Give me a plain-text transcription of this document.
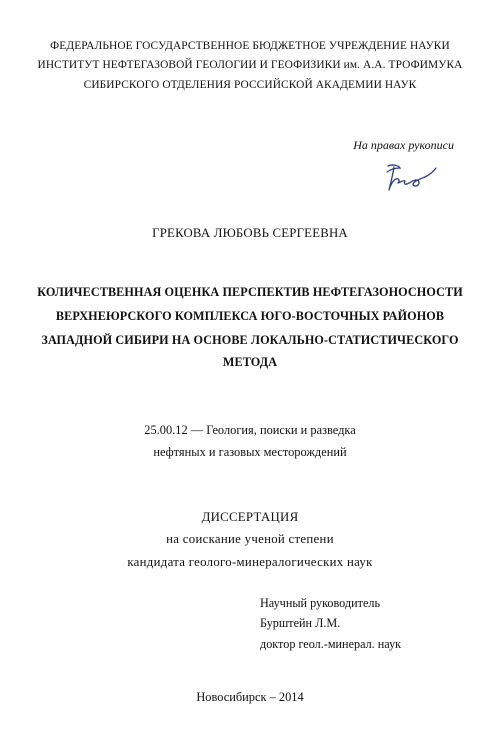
ФЕДЕРАЛЬНОЕ ГОСУДАРСТВЕННОЕ БЮДЖЕТНОЕ УЧРЕЖДЕНИЕ НАУКИ
ИНСТИТУТ НЕФТЕГАЗОВОЙ ГЕОЛОГИИ И ГЕОФИЗИКИ им. А.А. ТРОФИМУКА
СИБИРСКОГО ОТДЕЛЕНИЯ РОССИЙСКОЙ АКАДЕМИИ НАУК
На правах рукописи
ГРЕКОВА ЛЮБОВЬ СЕРГЕЕВНА
КОЛИЧЕСТВЕННАЯ ОЦЕНКА ПЕРСПЕКТИВ НЕФТЕГАЗОНОСНОСТИ
ВЕРХНЕЮРСКОГО КОМПЛЕКСА ЮГО-ВОСТОЧНЫХ РАЙОНОВ
ЗАПАДНОЙ СИБИРИ НА ОСНОВЕ ЛОКАЛЬНО-СТАТИСТИЧЕСКОГО
МЕТОДА
25.00.12 — Геология, поиски и разведка
нефтяных и газовых месторождений
ДИССЕРТАЦИЯ
на соискание ученой степени
кандидата геолого-минералогических наук
Научный руководитель
Бурштейн Л.М.
доктор геол.-минерал. наук
Новосибирск – 2014
